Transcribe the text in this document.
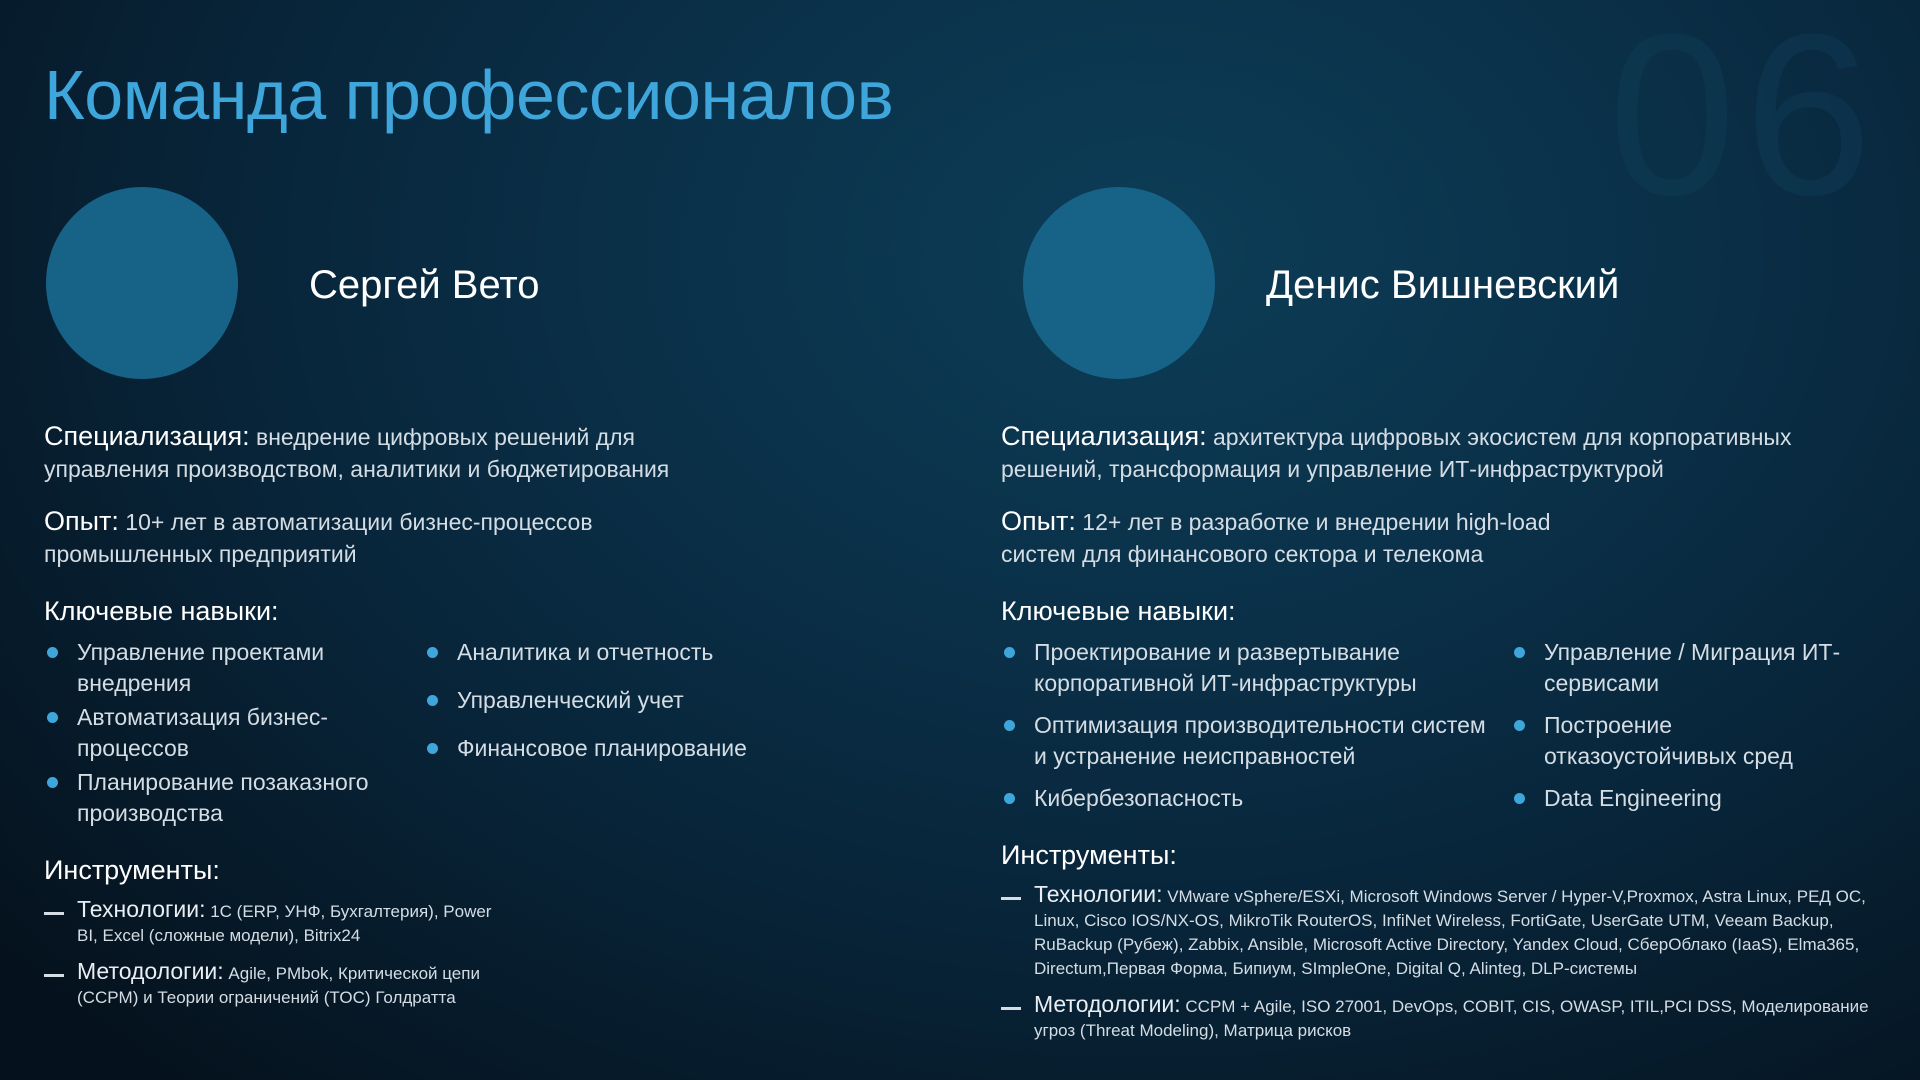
06
Команда профессионалов
Сергей Вето

Специализация: внедрение цифровых решений для управления производством, аналитики и бюджетирования

Опыт: 10+ лет в автоматизации бизнес-процессов промышленных предприятий

Ключевые навыки:
Управление проектами внедрения
Автоматизация бизнес-процессов
Планирование позаказного производства
Аналитика и отчетность
Управленческий учет
Финансовое планирование
Инструменты:
Технологии: 1С (ERP, УНФ, Бухгалтерия), Power BI, Excel (сложные модели), Bitrix24
Методологии: Agile, PMbok, Критической цепи (CCPM) и Теории ограничений (TOC) Голдратта
Денис Вишневский

Специализация: архитектура цифровых экосистем для корпоративных решений, трансформация и управление ИТ-инфраструктурой

Опыт: 12+ лет в разработке и внедрении high-load систем для финансового сектора и телекома

Ключевые навыки:
Проектирование и развертывание корпоративной ИТ-инфраструктуры
Оптимизация производительности систем и устранение неисправностей
Кибербезопасность
Управление / Миграция ИТ-сервисами
Построение отказоустойчивых сред
Data Engineering
Инструменты:
Технологии: VMware vSphere/ESXi, Microsoft Windows Server / Hyper-V,Proxmox, Astra Linux, РЕД ОС, Linux, Cisco IOS/NX-OS, MikroTik RouterOS, InfiNet Wireless, FortiGate, UserGate UTM, Veeam Backup, RuBackup (Рубеж), Zabbix, Ansible, Microsoft Active Directory, Yandex Cloud, СберОблако (IaaS), Elma365, Directum,Первая Форма, Бипиум, SImpleOne, Digital Q, Alinteg, DLP-системы
Методологии: CCPM + Agile, ISO 27001, DevOps, COBIT, CIS, OWASP, ITIL,PCI DSS, Моделирование угроз (Threat Modeling), Матрица рисков
